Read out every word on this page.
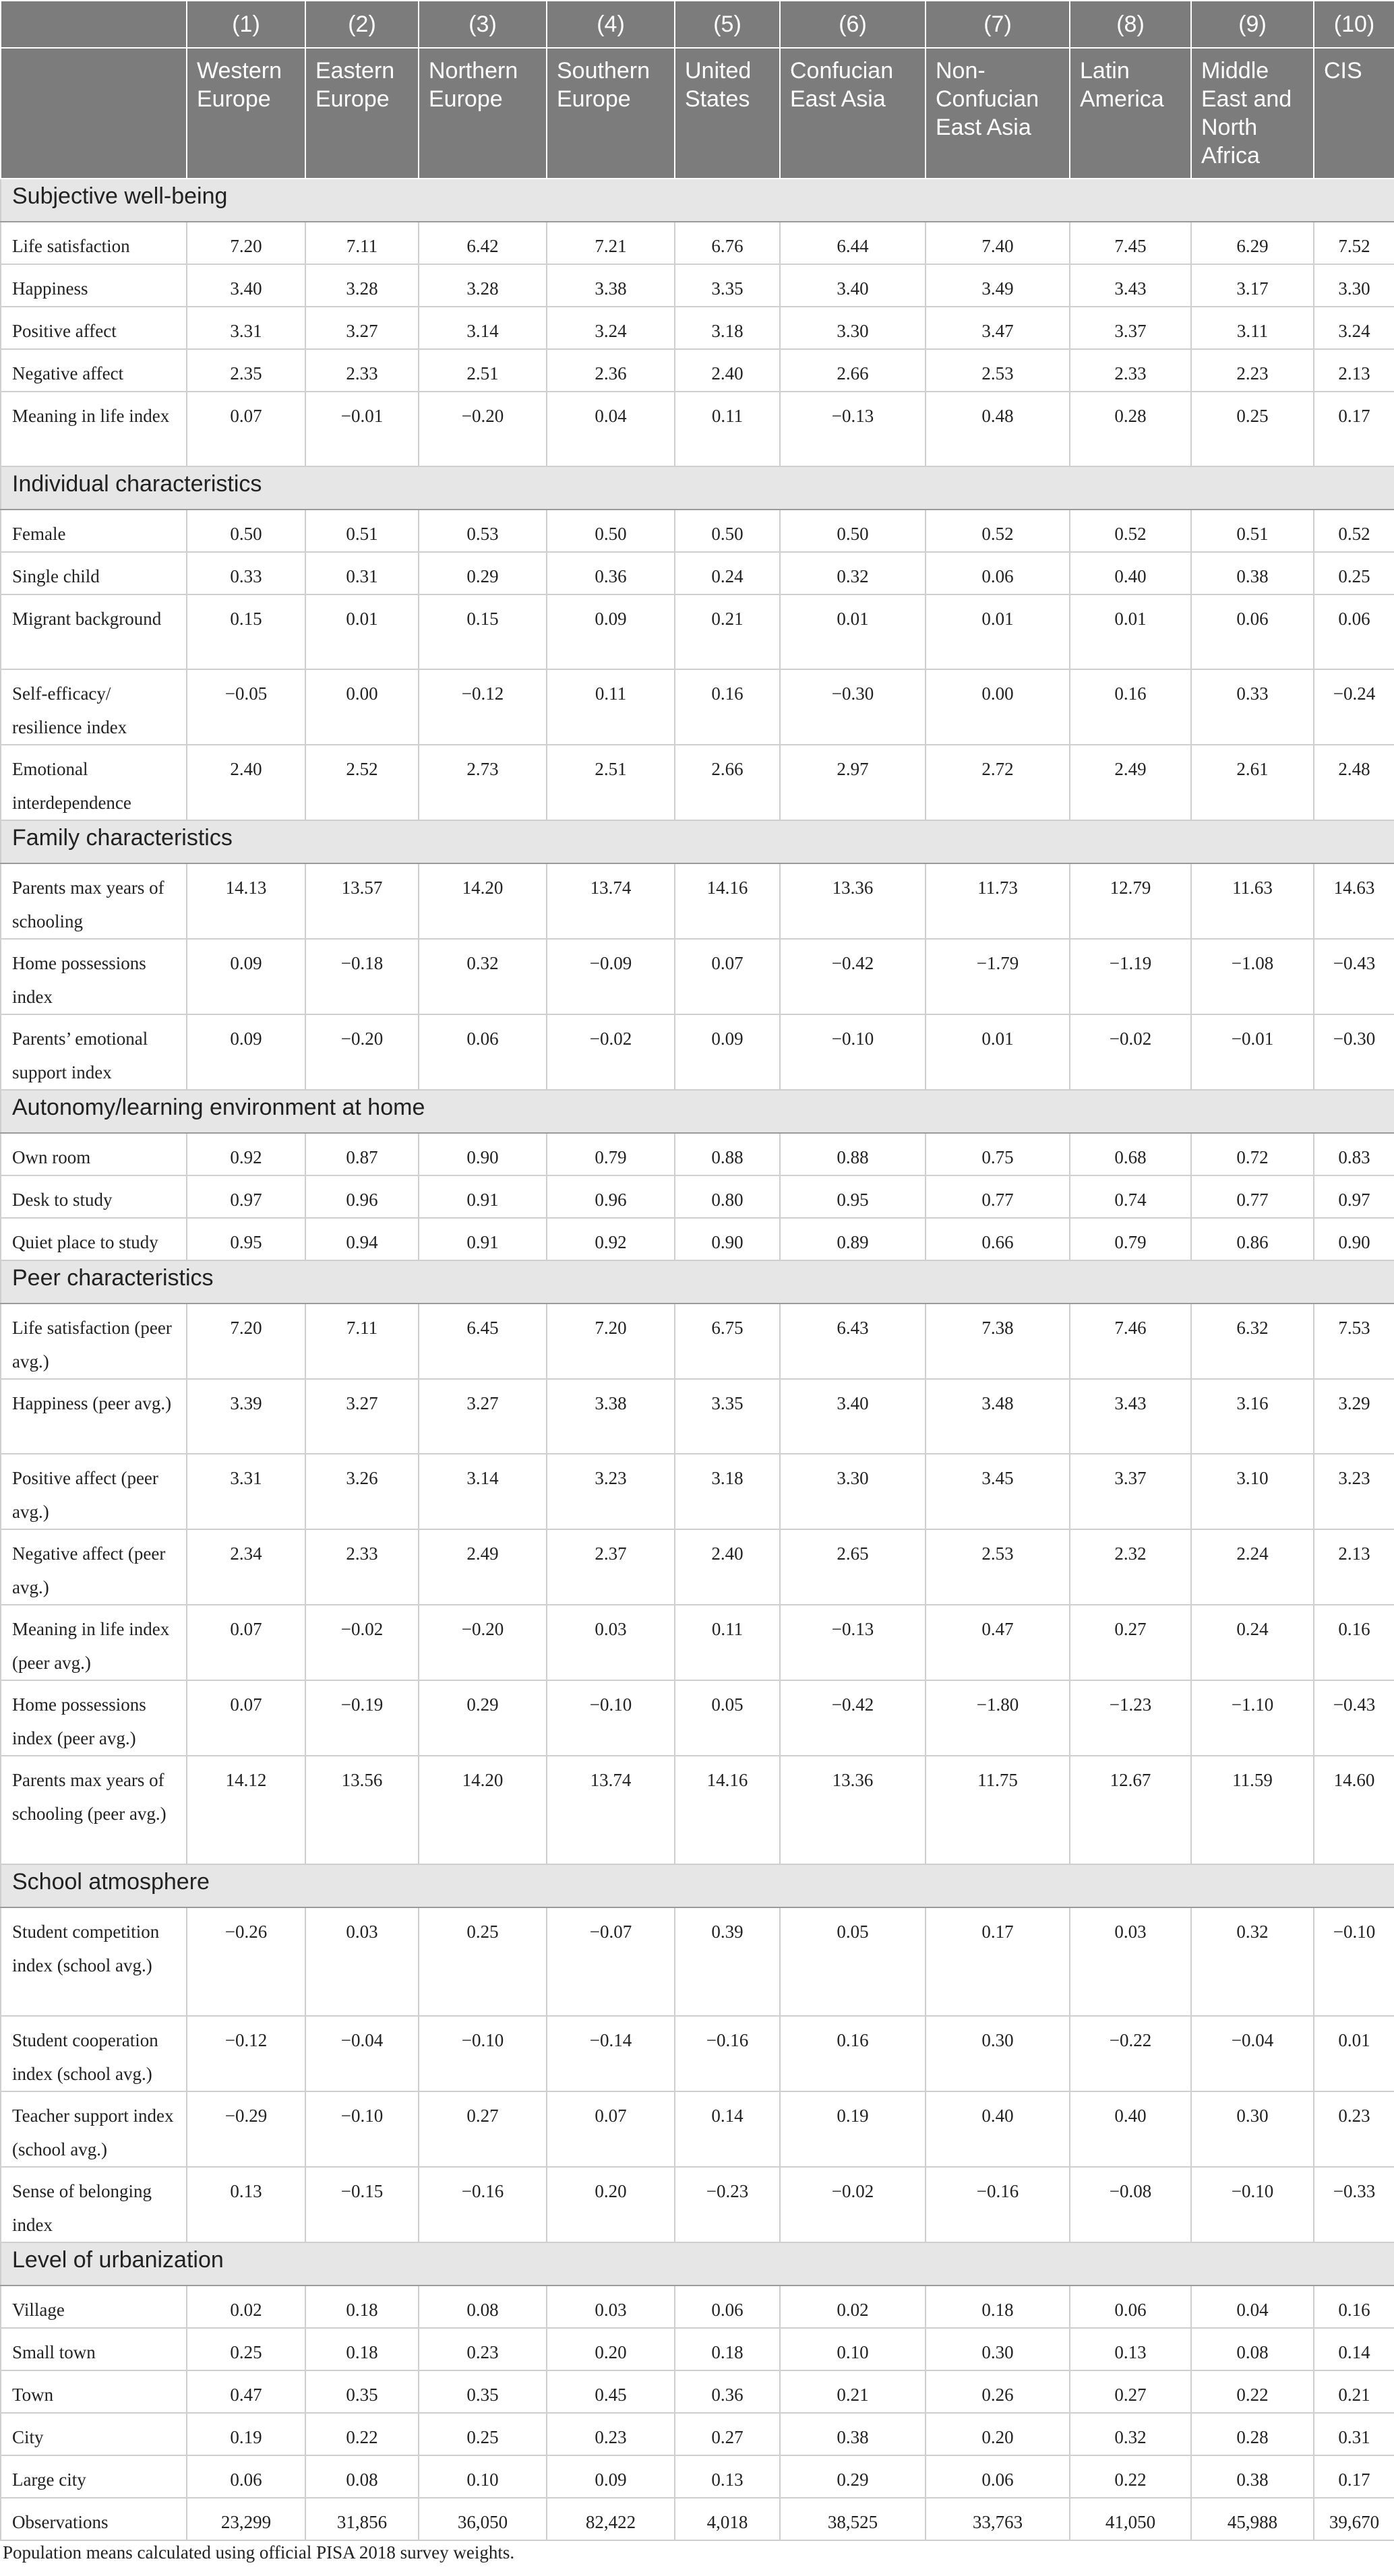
	(1)	(2)	(3)	(4)	(5)	(6)	(7)	(8)	(9)	(10)
	Western Europe	Eastern Europe	Northern Europe	Southern Europe	United States	Confucian East Asia	Non-Confucian East Asia	Latin America	Middle East and North Africa	CIS
Subjective well-being										
Life satisfaction	7.20	7.11	6.42	7.21	6.76	6.44	7.40	7.45	6.29	7.52
Happiness	3.40	3.28	3.28	3.38	3.35	3.40	3.49	3.43	3.17	3.30
Positive affect	3.31	3.27	3.14	3.24	3.18	3.30	3.47	3.37	3.11	3.24
Negative affect	2.35	2.33	2.51	2.36	2.40	2.66	2.53	2.33	2.23	2.13
Meaning in life index	0.07	−0.01	−0.20	0.04	0.11	−0.13	0.48	0.28	0.25	0.17
Individual characteristics										
Female	0.50	0.51	0.53	0.50	0.50	0.50	0.52	0.52	0.51	0.52
Single child	0.33	0.31	0.29	0.36	0.24	0.32	0.06	0.40	0.38	0.25
Migrant background	0.15	0.01	0.15	0.09	0.21	0.01	0.01	0.01	0.06	0.06
Self-efficacy/ resilience index	−0.05	0.00	−0.12	0.11	0.16	−0.30	0.00	0.16	0.33	−0.24
Emotional interdependence	2.40	2.52	2.73	2.51	2.66	2.97	2.72	2.49	2.61	2.48
Family characteristics										
Parents max years of schooling	14.13	13.57	14.20	13.74	14.16	13.36	11.73	12.79	11.63	14.63
Home possessions index	0.09	−0.18	0.32	−0.09	0.07	−0.42	−1.79	−1.19	−1.08	−0.43
Parents’ emotional support index	0.09	−0.20	0.06	−0.02	0.09	−0.10	0.01	−0.02	−0.01	−0.30
Autonomy/learning environment at home										
Own room	0.92	0.87	0.90	0.79	0.88	0.88	0.75	0.68	0.72	0.83
Desk to study	0.97	0.96	0.91	0.96	0.80	0.95	0.77	0.74	0.77	0.97
Quiet place to study	0.95	0.94	0.91	0.92	0.90	0.89	0.66	0.79	0.86	0.90
Peer characteristics										
Life satisfaction (peer avg.)	7.20	7.11	6.45	7.20	6.75	6.43	7.38	7.46	6.32	7.53
Happiness (peer avg.)	3.39	3.27	3.27	3.38	3.35	3.40	3.48	3.43	3.16	3.29
Positive affect (peer avg.)	3.31	3.26	3.14	3.23	3.18	3.30	3.45	3.37	3.10	3.23
Negative affect (peer avg.)	2.34	2.33	2.49	2.37	2.40	2.65	2.53	2.32	2.24	2.13
Meaning in life index (peer avg.)	0.07	−0.02	−0.20	0.03	0.11	−0.13	0.47	0.27	0.24	0.16
Home possessions index (peer avg.)	0.07	−0.19	0.29	−0.10	0.05	−0.42	−1.80	−1.23	−1.10	−0.43
Parents max years of schooling (peer avg.)	14.12	13.56	14.20	13.74	14.16	13.36	11.75	12.67	11.59	14.60
School atmosphere										
Student competition index (school avg.)	−0.26	0.03	0.25	−0.07	0.39	0.05	0.17	0.03	0.32	−0.10
Student cooperation index (school avg.)	−0.12	−0.04	−0.10	−0.14	−0.16	0.16	0.30	−0.22	−0.04	0.01
Teacher support index (school avg.)	−0.29	−0.10	0.27	0.07	0.14	0.19	0.40	0.40	0.30	0.23
Sense of belonging index	0.13	−0.15	−0.16	0.20	−0.23	−0.02	−0.16	−0.08	−0.10	−0.33
Level of urbanization										
Village	0.02	0.18	0.08	0.03	0.06	0.02	0.18	0.06	0.04	0.16
Small town	0.25	0.18	0.23	0.20	0.18	0.10	0.30	0.13	0.08	0.14
Town	0.47	0.35	0.35	0.45	0.36	0.21	0.26	0.27	0.22	0.21
City	0.19	0.22	0.25	0.23	0.27	0.38	0.20	0.32	0.28	0.31
Large city	0.06	0.08	0.10	0.09	0.13	0.29	0.06	0.22	0.38	0.17
Observations	23,299	31,856	36,050	82,422	4,018	38,525	33,763	41,050	45,988	39,670
Population means calculated using official PISA 2018 survey weights.
